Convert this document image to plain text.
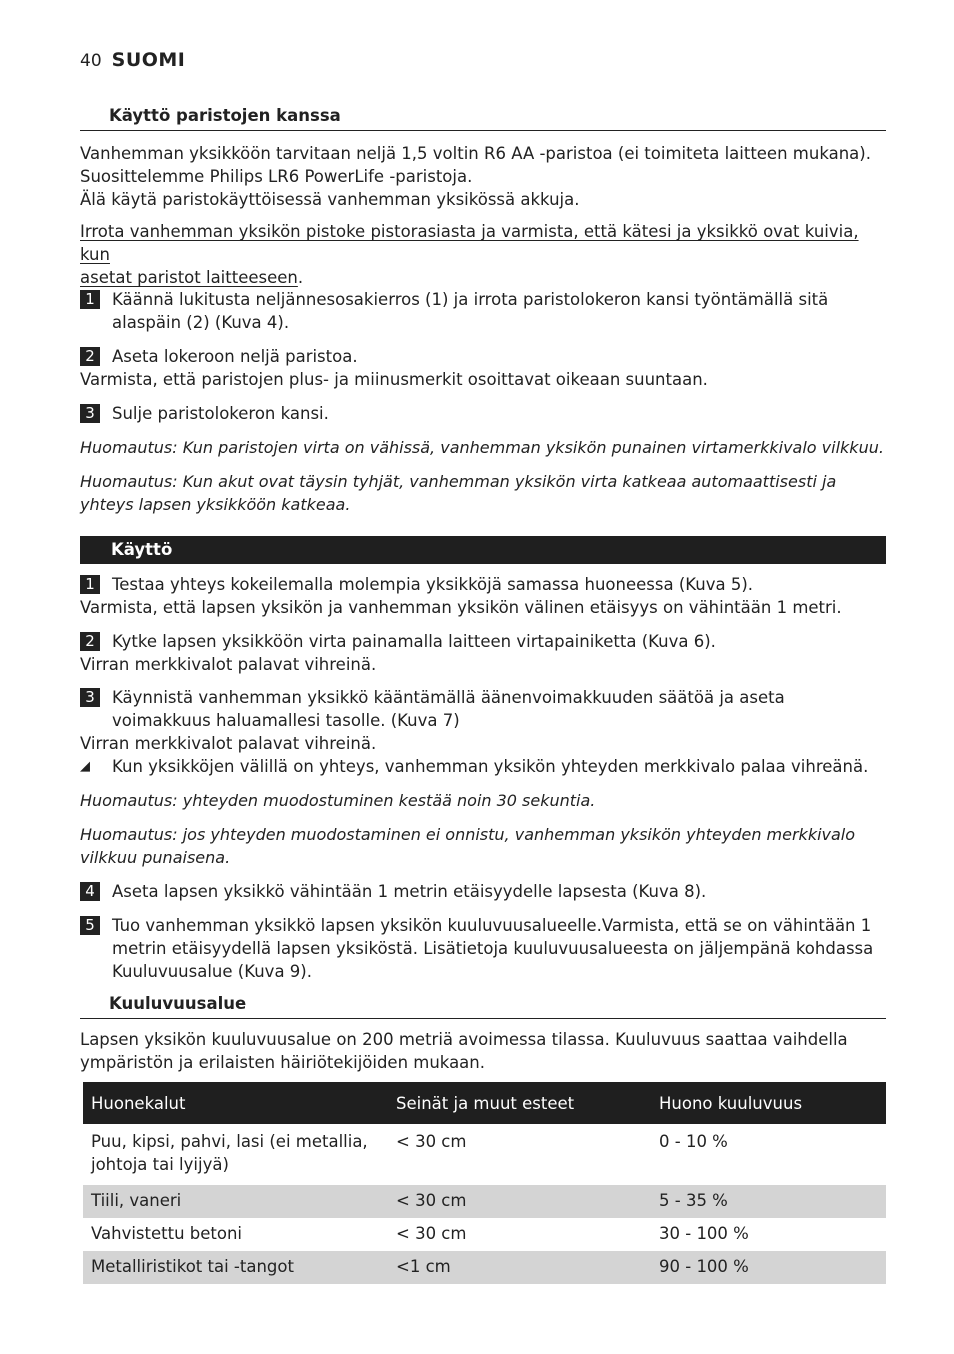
40 SUOMI
Käyttö paristojen kanssa
Vanhemman yksikköön tarvitaan neljä 1,5 voltin R6 AA -paristoa (ei toimiteta laitteen mukana).
Suosittelemme Philips LR6 PowerLife -paristoja.
Älä käytä paristokäyttöisessä vanhemman yksikössä akkuja.
Irrota vanhemman yksikön pistoke pistorasiasta ja varmista, että kätesi ja yksikkö ovat kuivia, kun
asetat paristot laitteeseen.
1	Käännä lukitusta neljännesosakierros (1) ja irrota paristolokeron kansi työntämällä sitä alaspäin (2) (Kuva 4).
2	Aseta lokeroon neljä paristoa.
Varmista, että paristojen plus- ja miinusmerkit osoittavat oikeaan suuntaan.
3	Sulje paristolokeron kansi.
Huomautus: Kun paristojen virta on vähissä, vanhemman yksikön punainen virtamerkkivalo vilkkuu.
Huomautus: Kun akut ovat täysin tyhjät, vanhemman yksikön virta katkeaa automaattisesti ja yhteys lapsen yksikköön katkeaa.
Käyttö
1	Testaa yhteys kokeilemalla molempia yksikköjä samassa huoneessa (Kuva 5).
Varmista, että lapsen yksikön ja vanhemman yksikön välinen etäisyys on vähintään 1 metri.
2	Kytke lapsen yksikköön virta painamalla laitteen virtapainiketta (Kuva 6).
Virran merkkivalot palavat vihreinä.
3	Käynnistä vanhemman yksikkö kääntämällä äänenvoimakkuuden säätöä ja aseta voimakkuus haluamallesi tasolle. (Kuva 7)
Virran merkkivalot palavat vihreinä.
◢ Kun yksikköjen välillä on yhteys, vanhemman yksikön yhteyden merkkivalo palaa vihreänä.
Huomautus: yhteyden muodostuminen kestää noin 30 sekuntia.
Huomautus: jos yhteyden muodostaminen ei onnistu, vanhemman yksikön yhteyden merkkivalo vilkkuu punaisena.
4	Aseta lapsen yksikkö vähintään 1 metrin etäisyydelle lapsesta (Kuva 8).
5	Tuo vanhemman yksikkö lapsen yksikön kuuluvuusalueelle.Varmista, että se on vähintään 1 metrin etäisyydellä lapsen yksiköstä. Lisätietoja kuuluvuusalueesta on jäljempänä kohdassa Kuuluvuusalue (Kuva 9).
Kuuluvuusalue
Lapsen yksikön kuuluvuusalue on 200 metriä avoimessa tilassa. Kuuluvuus saattaa vaihdella ympäristön ja erilaisten häiriötekijöiden mukaan.
Huonekalut	Seinät ja muut esteet	Huono kuuluvuus
Puu, kipsi, pahvi, lasi (ei metallia, johtoja tai lyijyä)	< 30 cm	0 - 10 %
Tiili, vaneri	< 30 cm	5 - 35 %
Vahvistettu betoni	< 30 cm	30 - 100 %
Metalliristikot tai -tangot	<1 cm	90 - 100 %
